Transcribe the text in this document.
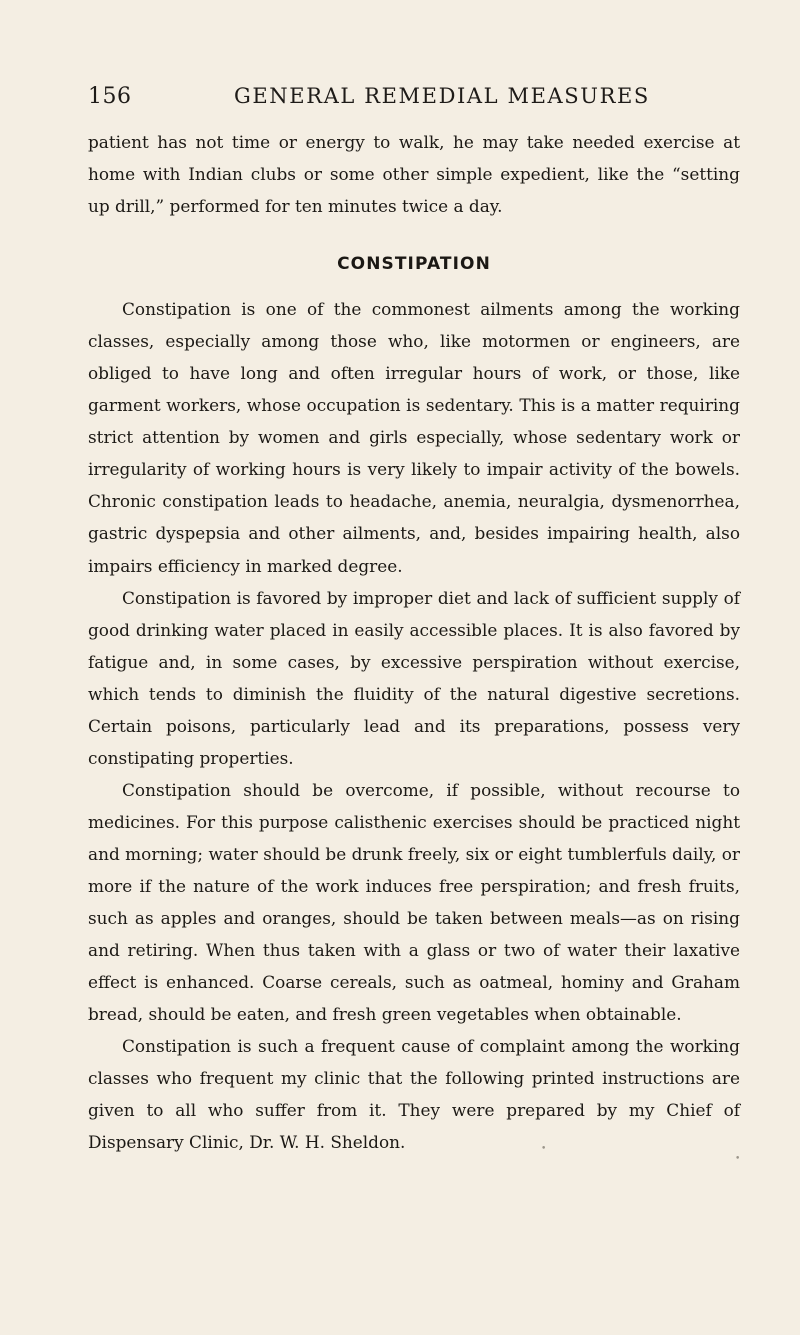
156	GENERAL REMEDIAL MEASURES

patient has not time or energy to walk, he may take needed exercise at home with Indian clubs or some other simple expedient, like the “setting up drill,” performed for ten minutes twice a day.

CONSTIPATION

Constipation is one of the commonest ailments among the working classes, especially among those who, like motormen or engineers, are obliged to have long and often irregular hours of work, or those, like garment workers, whose occupation is sedentary. This is a matter requiring strict attention by women and girls especially, whose sedentary work or irregularity of working hours is very likely to impair activity of the bowels. Chronic constipation leads to headache, anemia, neuralgia, dysmenorrhea, gastric dyspepsia and other ailments, and, besides impairing health, also impairs efficiency in marked degree.

Constipation is favored by improper diet and lack of sufficient supply of good drinking water placed in easily accessible places. It is also favored by fatigue and, in some cases, by excessive perspiration without exercise, which tends to diminish the fluidity of the natural digestive secretions. Certain poisons, particularly lead and its preparations, possess very constipating properties.

Constipation should be overcome, if possible, without recourse to medicines. For this purpose calisthenic exercises should be practiced night and morning; water should be drunk freely, six or eight tumblerfuls daily, or more if the nature of the work induces free perspiration; and fresh fruits, such as apples and oranges, should be taken between meals—as on rising and retiring. When thus taken with a glass or two of water their laxative effect is enhanced. Coarse cereals, such as oatmeal, hominy and Graham bread, should be eaten, and fresh green vegetables when obtainable.

Constipation is such a frequent cause of complaint among the working classes who frequent my clinic that the following printed instructions are given to all who suffer from it. They were prepared by my Chief of Dispensary Clinic, Dr. W. H. Sheldon.	•
•
